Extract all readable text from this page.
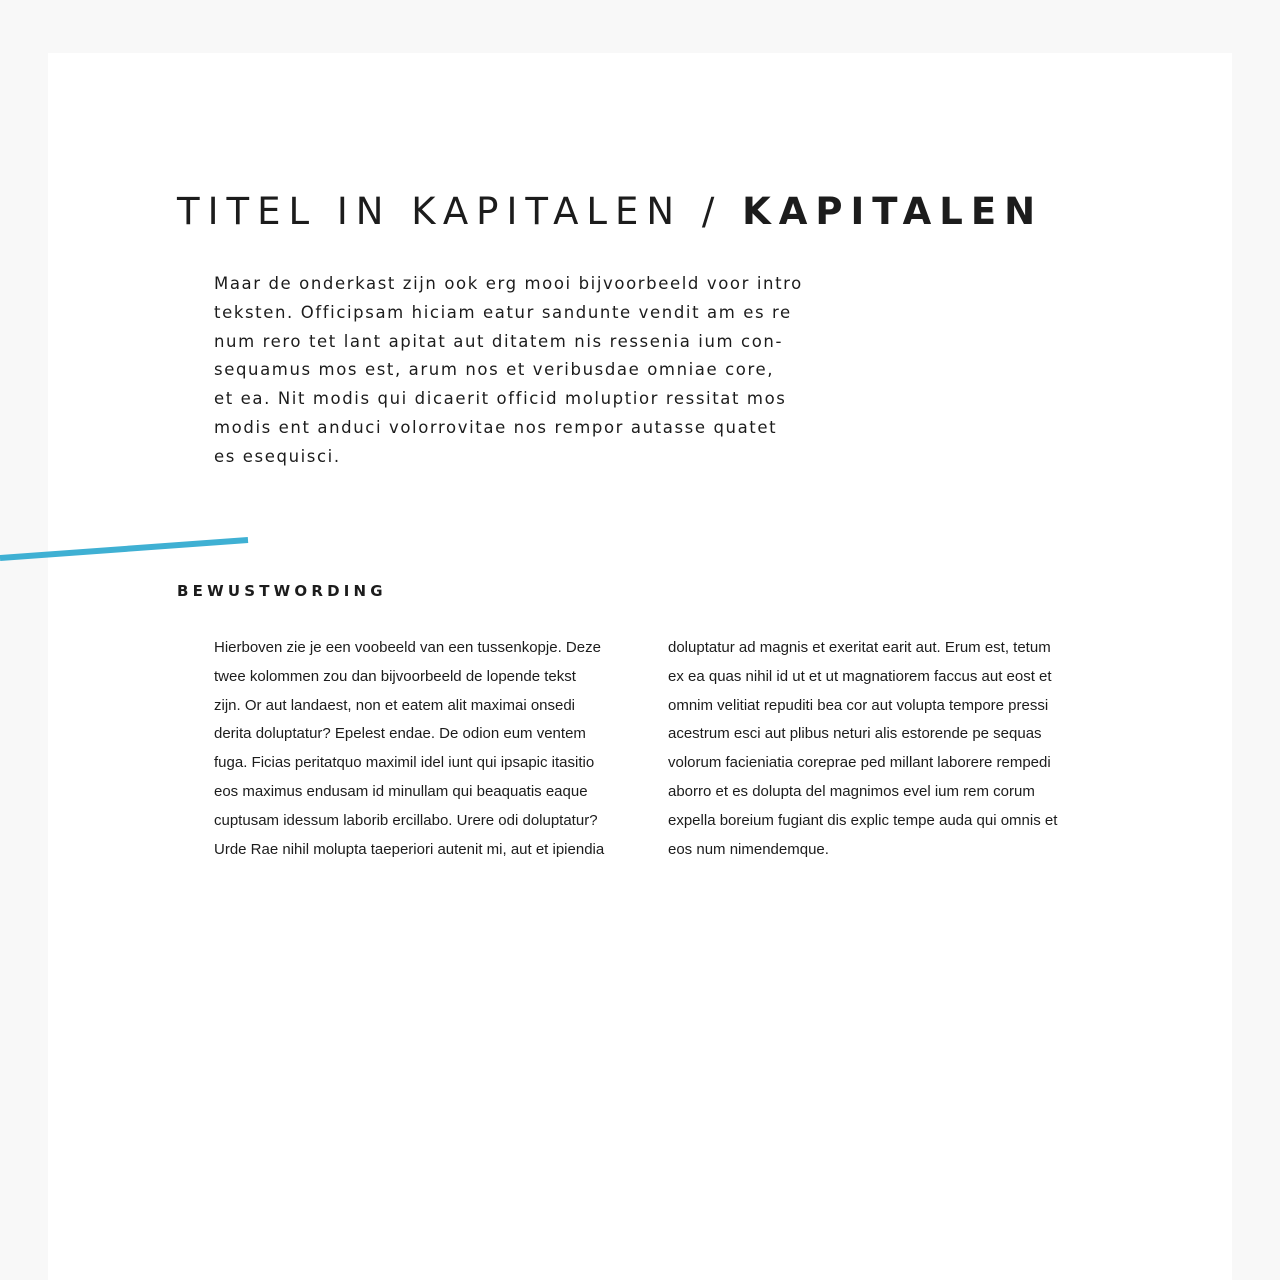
TITEL IN KAPITALEN / KAPITALEN

Maar de onderkast zijn ook erg mooi bijvoorbeeld voor intro
teksten. Officipsam hiciam eatur sandunte vendit am es re
num rero tet lant apitat aut ditatem nis ressenia ium con-
sequamus mos est, arum nos et veribusdae omniae core,
et ea. Nit modis qui dicaerit officid moluptior ressitat mos
modis ent anduci volorrovitae nos rempor autasse quatet
es esequisci.

BEWUSTWORDING

Hierboven zie je een voobeeld van een tussenkopje. Deze
twee kolommen zou dan bijvoorbeeld de lopende tekst
zijn. Or aut landaest, non et eatem alit maximai onsedi
derita doluptatur? Epelest endae. De odion eum ventem
fuga. Ficias peritatquo maximil idel iunt qui ipsapic itasitio
eos maximus endusam id minullam qui beaquatis eaque
cuptusam idessum laborib ercillabo. Urere odi doluptatur?
Urde Rae nihil molupta taeperiori autenit mi, aut et ipiendia

doluptatur ad magnis et exeritat earit aut. Erum est, tetum
ex ea quas nihil id ut et ut magnatiorem faccus aut eost et
omnim velitiat repuditi bea cor aut volupta tempore pressi
acestrum esci aut plibus neturi alis estorende pe sequas
volorum facieniatia coreprae ped millant laborere rempedi
aborro et es dolupta del magnimos evel ium rem corum
expella boreium fugiant dis explic tempe auda qui omnis et
eos num nimendemque.
